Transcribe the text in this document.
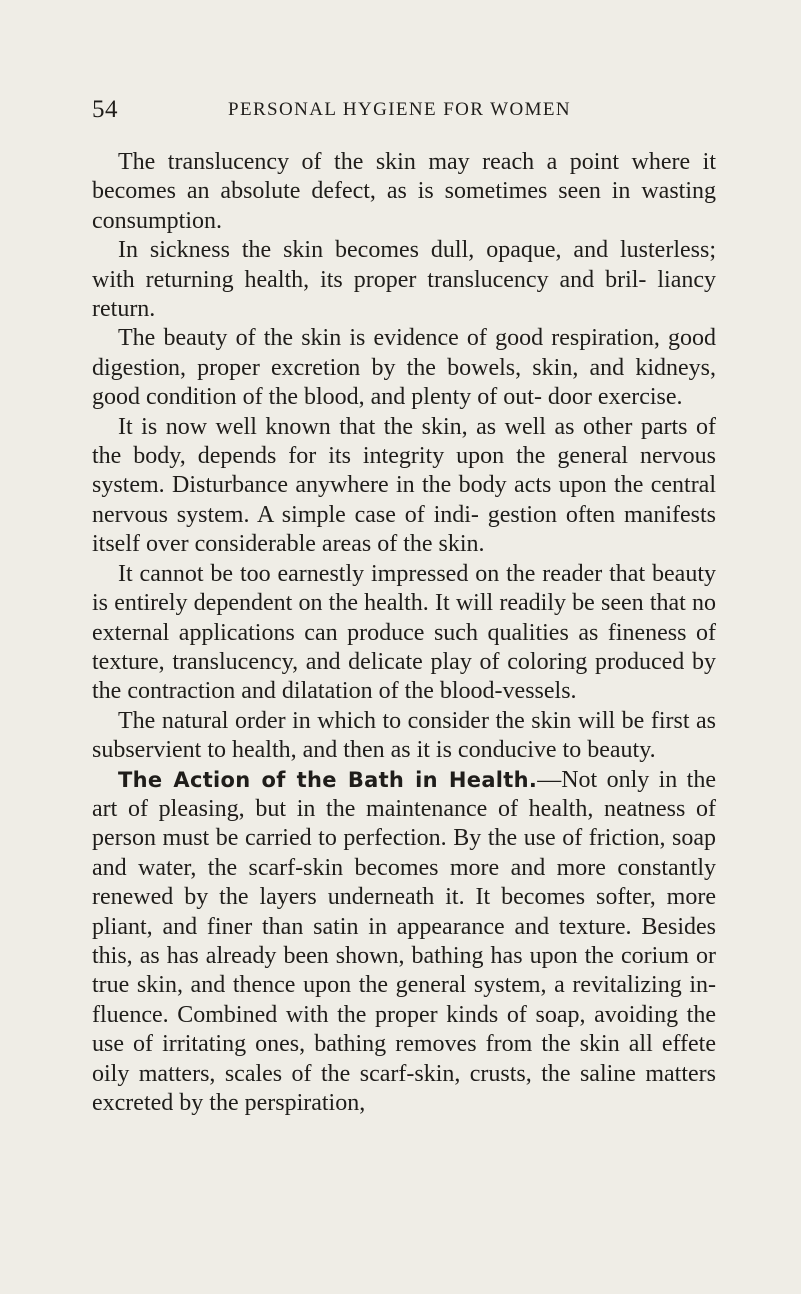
54	PERSONAL HYGIENE FOR WOMEN

The translucency of the skin may reach a point where it becomes an absolute defect, as is sometimes seen in wasting consumption.

In sickness the skin becomes dull, opaque, and lusterless; with returning health, its proper translucency and bril- liancy return.

The beauty of the skin is evidence of good respiration, good digestion, proper excretion by the bowels, skin, and kidneys, good condition of the blood, and plenty of out- door exercise.

It is now well known that the skin, as well as other parts of the body, depends for its integrity upon the general nervous system. Disturbance anywhere in the body acts upon the central nervous system. A simple case of indi- gestion often manifests itself over considerable areas of the skin.

It cannot be too earnestly impressed on the reader that beauty is entirely dependent on the health. It will readily be seen that no external applications can produce such qualities as fineness of texture, translucency, and delicate play of coloring produced by the contraction and dilatation of the blood-vessels.

The natural order in which to consider the skin will be first as subservient to health, and then as it is conducive to beauty.

The Action of the Bath in Health.—Not only in the art of pleasing, but in the maintenance of health, neatness of person must be carried to perfection. By the use of friction, soap and water, the scarf-skin becomes more and more constantly renewed by the layers underneath it. It becomes softer, more pliant, and finer than satin in appearance and texture. Besides this, as has already been shown, bathing has upon the corium or true skin, and thence upon the general system, a revitalizing in- fluence. Combined with the proper kinds of soap, avoiding the use of irritating ones, bathing removes from the skin all effete oily matters, scales of the scarf-skin, crusts, the saline matters excreted by the perspiration,
